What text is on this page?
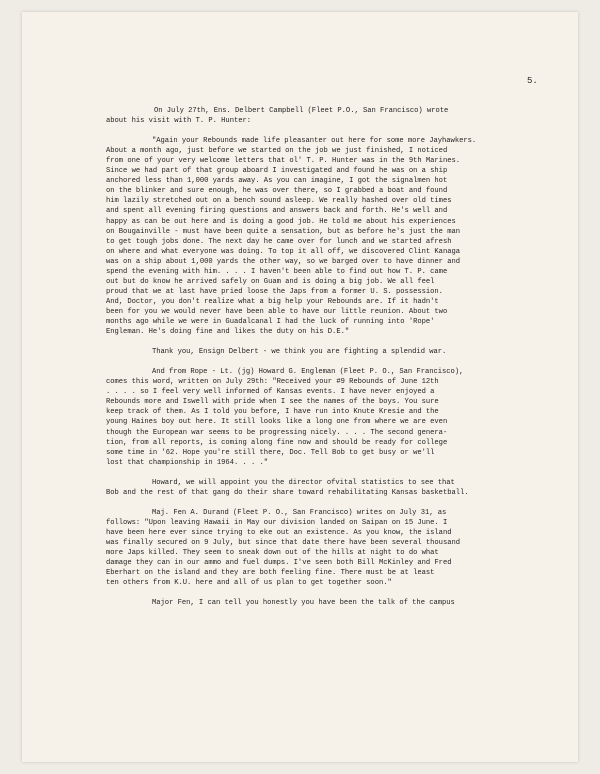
5.

On July 27th, Ens. Delbert Campbell (Fleet P.O., San Francisco) wrote
about his visit with T. P. Hunter:

"Again your Rebounds made life pleasanter out here for some more Jayhawkers.
About a month ago, just before we started on the job we just finished, I noticed
from one of your very welcome letters that ol' T. P. Hunter was in the 9th Marines.
Since we had part of that group aboard I investigated and found he was on a ship
anchored less than 1,000 yards away. As you can imagine, I got the signalmen hot
on the blinker and sure enough, he was over there, so I grabbed a boat and found
him lazily stretched out on a bench sound asleep. We really hashed over old times
and spent all evening firing questions and answers back and forth. He's well and
happy as can be out here and is doing a good job. He told me about his experiences
on Bougainville - must have been quite a sensation, but as before he's just the man
to get tough jobs done. The next day he came over for lunch and we started afresh
on where and what everyone was doing. To top it all off, we discovered Clint Kanaga
was on a ship about 1,000 yards the other way, so we barged over to have dinner and
spend the evening with him. . . . I haven't been able to find out how T. P. came
out but do know he arrived safely on Guam and is doing a big job. We all feel
proud that we at last have pried loose the Japs from a former U. S. possession.
And, Doctor, you don't realize what a big help your Rebounds are. If it hadn't
been for you we would never have been able to have our little reunion. About two
months ago while we were in Guadalcanal I had the luck of running into 'Rope'
Engleman. He's doing fine and likes the duty on his D.E."

Thank you, Ensign Delbert - we think you are fighting a splendid war.

And from Rope - Lt. (jg) Howard G. Engleman (Fleet P. O., San Francisco),
comes this word, written on July 29th: "Received your #9 Rebounds of June 12th
. . . . so I feel very well informed of Kansas events. I have never enjoyed a
Rebounds more and Iswell with pride when I see the names of the boys. You sure
keep track of them. As I told you before, I have run into Knute Kresie and the
young Haines boy out here. It still looks like a long one from where we are even
though the European war seems to be progressing nicely. . . . The second genera-
tion, from all reports, is coming along fine now and should be ready for college
some time in '62. Hope you're still there, Doc. Tell Bob to get busy or we'll
lost that championship in 1964. . . ."

Howard, we will appoint you the director ofvital statistics to see that
Bob and the rest of that gang do their share toward rehabilitating Kansas basketball.

Maj. Fen A. Durand (Fleet P. O., San Francisco) writes on July 31, as
follows: "Upon leaving Hawaii in May our division landed on Saipan on 15 June. I
have been here ever since trying to eke out an existence. As you know, the island
was finally secured on 9 July, but since that date there have been several thousand
more Japs killed. They seem to sneak down out of the hills at night to do what
damage they can in our ammo and fuel dumps. I've seen both Bill McKinley and Fred
Eberhart on the island and they are both feeling fine. There must be at least
ten others from K.U. here and all of us plan to get together soon."

Major Fen, I can tell you honestly you have been the talk of the campus
